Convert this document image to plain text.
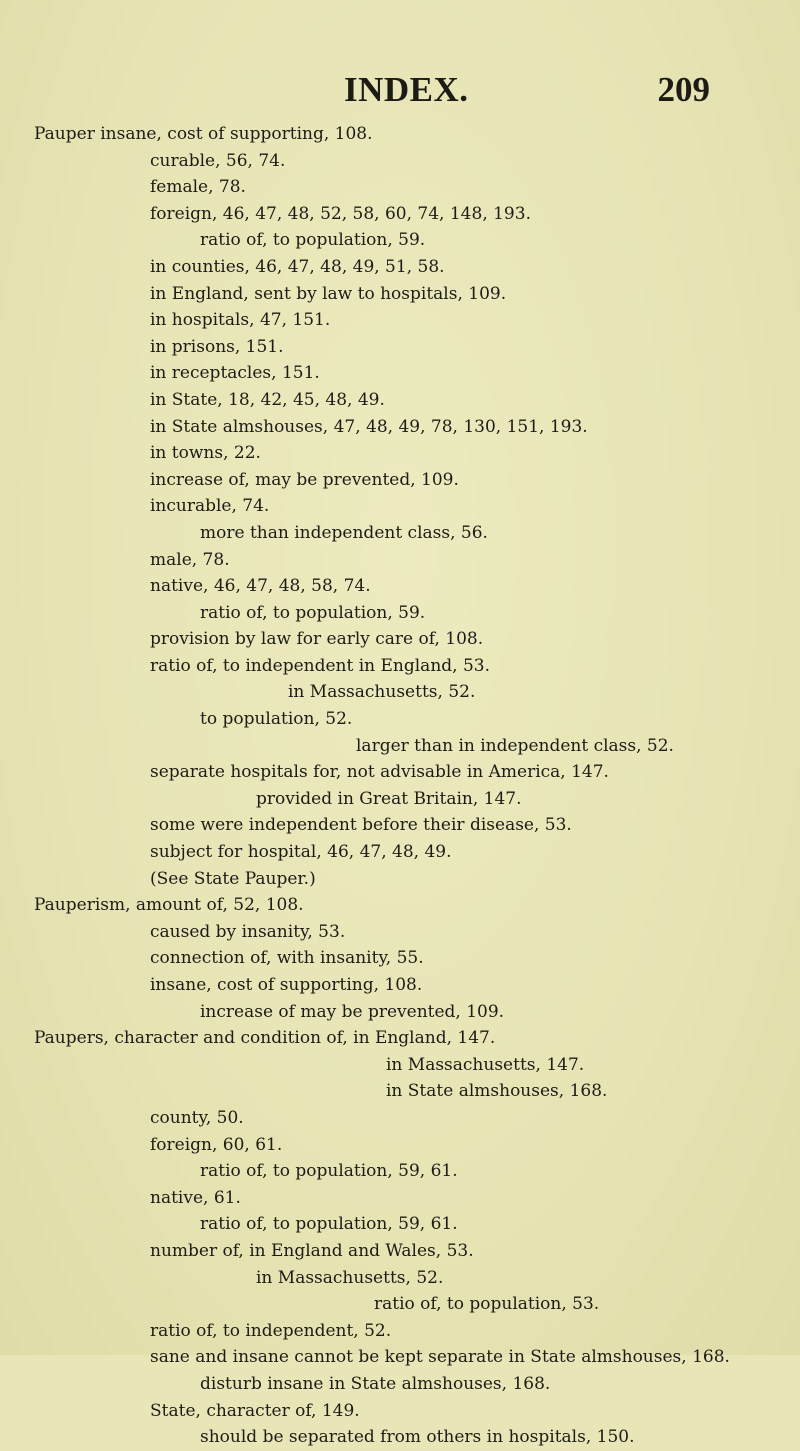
INDEX.	209
Pauper insane, cost of supporting, 108.
curable, 56, 74.
female, 78.
foreign, 46, 47, 48, 52, 58, 60, 74, 148, 193.
ratio of, to population, 59.
in counties, 46, 47, 48, 49, 51, 58.
in England, sent by law to hospitals, 109.
in hospitals, 47, 151.
in prisons, 151.
in receptacles, 151.
in State, 18, 42, 45, 48, 49.
in State almshouses, 47, 48, 49, 78, 130, 151, 193.
in towns, 22.
increase of, may be prevented, 109.
incurable, 74.
more than independent class, 56.
male, 78.
native, 46, 47, 48, 58, 74.
ratio of, to population, 59.
provision by law for early care of, 108.
ratio of, to independent in England, 53.
in Massachusetts, 52.
to population, 52.
larger than in independent class, 52.
separate hospitals for, not advisable in America, 147.
provided in Great Britain, 147.
some were independent before their disease, 53.
subject for hospital, 46, 47, 48, 49.
(See State Pauper.)
Pauperism, amount of, 52, 108.
caused by insanity, 53.
connection of, with insanity, 55.
insane, cost of supporting, 108.
increase of may be prevented, 109.
Paupers, character and condition of, in England, 147.
in Massachusetts, 147.
in State almshouses, 168.
county, 50.
foreign, 60, 61.
ratio of, to population, 59, 61.
native, 61.
ratio of, to population, 59, 61.
number of, in England and Wales, 53.
in Massachusetts, 52.
ratio of, to population, 53.
ratio of, to independent, 52.
sane and insane cannot be kept separate in State almshouses, 168.
disturb insane in State almshouses, 168.
State, character of, 149.
should be separated from others in hospitals, 150.
